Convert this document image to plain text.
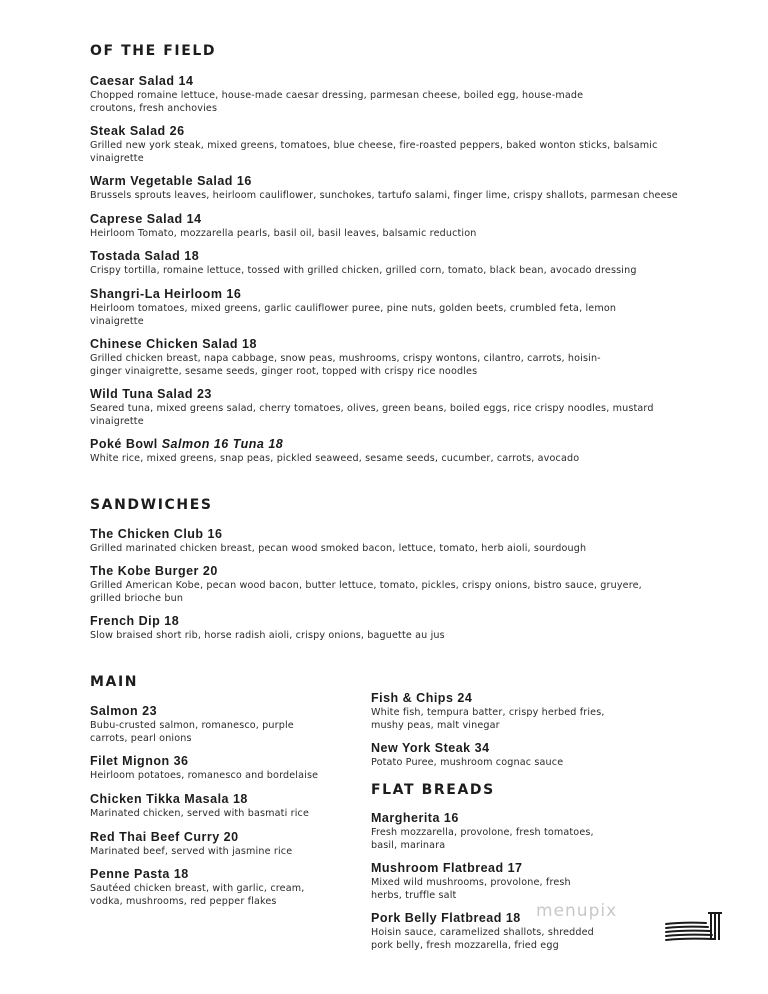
OF THE FIELD
Caesar Salad 14
Chopped romaine lettuce, house-made caesar dressing, parmesan cheese, boiled egg, house-made croutons, fresh anchovies
Steak Salad 26
Grilled new york steak, mixed greens, tomatoes, blue cheese, fire-roasted peppers, baked wonton sticks, balsamic vinaigrette
Warm Vegetable Salad 16
Brussels sprouts leaves, heirloom cauliflower, sunchokes, tartufo salami, finger lime, crispy shallots, parmesan cheese
Caprese Salad 14
Heirloom Tomato, mozzarella pearls, basil oil, basil leaves, balsamic reduction
Tostada Salad 18
Crispy tortilla, romaine lettuce, tossed with grilled chicken, grilled corn, tomato, black bean, avocado dressing
Shangri-La Heirloom 16
Heirloom tomatoes, mixed greens, garlic cauliflower puree, pine nuts, golden beets, crumbled feta, lemon vinaigrette
Chinese Chicken Salad 18
Grilled chicken breast, napa cabbage, snow peas, mushrooms, crispy wontons, cilantro, carrots, hoisin-ginger vinaigrette, sesame seeds, ginger root, topped with crispy rice noodles
Wild Tuna Salad 23
Seared tuna, mixed greens salad, cherry tomatoes, olives, green beans, boiled eggs, rice crispy noodles, mustard vinaigrette
Poké Bowl Salmon 16 Tuna 18
White rice, mixed greens, snap peas, pickled seaweed, sesame seeds, cucumber, carrots, avocado
SANDWICHES
The Chicken Club 16
Grilled marinated chicken breast, pecan wood smoked bacon, lettuce, tomato, herb aioli, sourdough
The Kobe Burger 20
Grilled American Kobe, pecan wood bacon, butter lettuce, tomato, pickles, crispy onions, bistro sauce, gruyere, grilled brioche bun
French Dip 18
Slow braised short rib, horse radish aioli, crispy onions, baguette au jus
MAIN
Salmon 23
Bubu-crusted salmon, romanesco, purple carrots, pearl onions
Filet Mignon 36
Heirloom potatoes, romanesco and bordelaise
Chicken Tikka Masala 18
Marinated chicken, served with basmati rice
Red Thai Beef Curry 20
Marinated beef, served with jasmine rice
Penne Pasta 18
Sautéed chicken breast, with garlic, cream, vodka, mushrooms, red pepper flakes
Fish & Chips 24
White fish, tempura batter, crispy herbed fries, mushy peas, malt vinegar
New York Steak 34
Potato Puree, mushroom cognac sauce
FLAT BREADS
Margherita 16
Fresh mozzarella, provolone, fresh tomatoes, basil, marinara
Mushroom Flatbread 17
Mixed wild mushrooms, provolone, fresh herbs, truffle salt
Pork Belly Flatbread 18
Hoisin sauce, caramelized shallots, shredded pork belly, fresh mozzarella, fried egg
menupix
